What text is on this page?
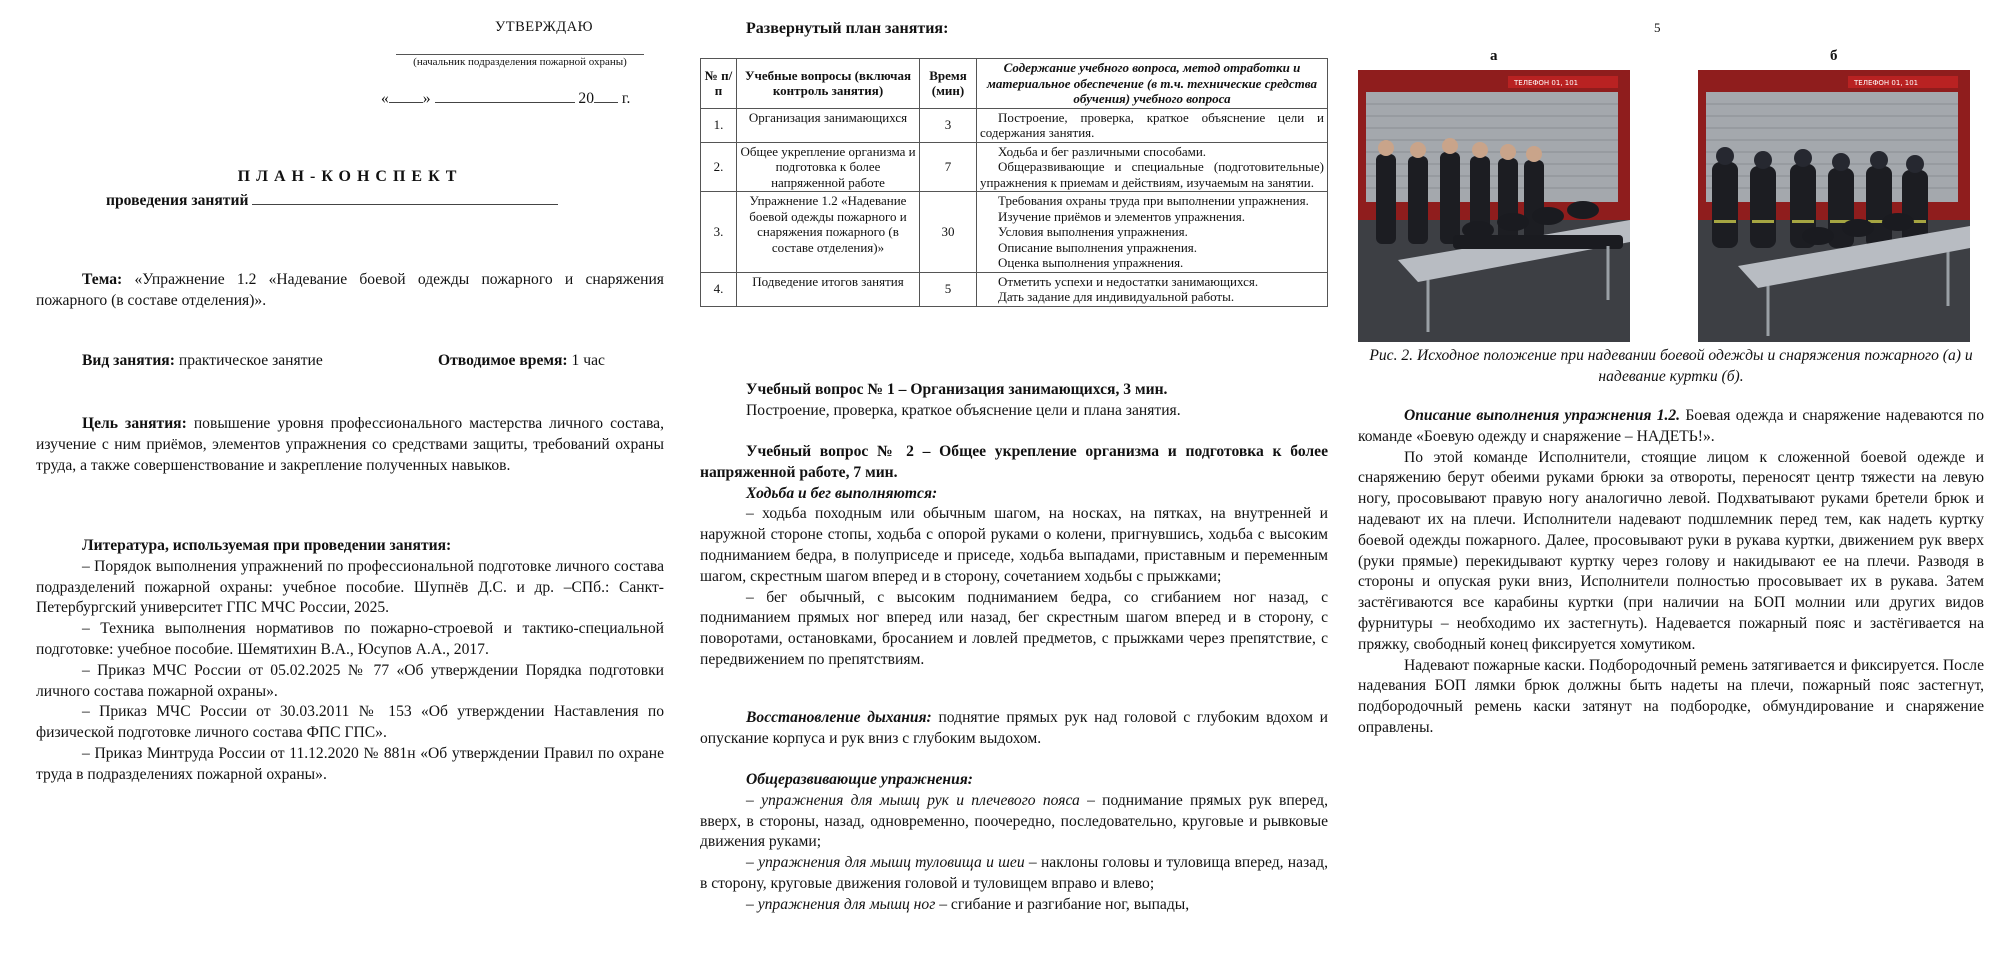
УТВЕРЖДАЮ
(начальник подразделения пожарной охраны)
« »	20 г.
ПЛАН-КОНСПЕКТ
проведения занятий

Тема: «Упражнение 1.2 «Надевание боевой одежды пожарного и снаряжения пожарного (в составе отделения)».

Вид занятия: практическое занятие	Отводимое время: 1 час

Цель занятия: повышение уровня профессионального мастерства личного состава, изучение с ним приёмов, элементов упражнения со средствами защиты, требований охраны труда, а также совершенствование и закрепление полученных навыков.

Литература, используемая при проведении занятия:

– Порядок выполнения упражнений по профессиональной подготовке личного состава подразделений пожарной охраны: учебное пособие. Шупнёв Д.С. и др. –СПб.: Санкт-Петербургский университет ГПС МЧС России, 2025.

– Техника выполнения нормативов по пожарно-строевой и тактико-специальной подготовке: учебное пособие. Шемятихин В.А., Юсупов А.А., 2017.

– Приказ МЧС России от 05.02.2025 № 77 «Об утверждении Порядка подготовки личного состава пожарной охраны».

– Приказ МЧС России от 30.03.2011 № 153 «Об утверждении Наставления по физической подготовке личного состава ФПС ГПС».

– Приказ Минтруда России от 11.12.2020 № 881н «Об утверждении Правил по охране труда в подразделениях пожарной охраны».

Развернутый план занятия:
№ п/п	Учебные вопросы (включая контроль занятия)	Время (мин)	Содержание учебного вопроса, метод отработки и материальное обеспечение (в т.ч. технические средства обучения) учебного вопроса
1.	Организация занимающихся	3	Построение, проверка, краткое объяснение цели и содержания занятия.

2.	Общее укрепление организма и подготовка к более напряженной работе	7	Ходьба и бег различными способами.
Общеразвивающие и специальные (подготовительные) упражнения к приемам и действиям, изучаемым на занятии.

3.	Упражнение 1.2 «Надевание боевой одежды пожарного и снаряжения пожарного (в составе отделения)»	30	Требования охраны труда при выполнении упражнения.
Изучение приёмов и элементов упражнения.
Условия выполнения упражнения.
Описание выполнения упражнения.
Оценка выполнения упражнения.

4.	Подведение итогов занятия	5	Отметить успехи и недостатки занимающихся.
Дать задание для индивидуальной работы.

Учебный вопрос № 1 – Организация занимающихся, 3 мин.

Построение, проверка, краткое объяснение цели и плана занятия.

Учебный вопрос № 2 – Общее укрепление организма и подготовка к более напряженной работе, 7 мин.

Ходьба и бег выполняются:

– ходьба походным или обычным шагом, на носках, на пятках, на внутренней и наружной стороне стопы, ходьба с опорой руками о колени, пригнувшись, ходьба с высоким подниманием бедра, в полуприседе и приседе, ходьба выпадами, приставным и переменным шагом, скрестным шагом вперед и в сторону, сочетанием ходьбы с прыжками;

– бег обычный, с высоким подниманием бедра, со сгибанием ног назад, с подниманием прямых ног вперед или назад, бег скрестным шагом вперед и в сторону, с поворотами, остановками, бросанием и ловлей предметов, с прыжками через препятствие, с передвижением по препятствиям.

Восстановление дыхания: поднятие прямых рук над головой с глубоким вдохом и опускание корпуса и рук вниз с глубоким выдохом.

Общеразвивающие упражнения:

– упражнения для мышц рук и плечевого пояса – поднимание прямых рук вперед, вверх, в стороны, назад, одновременно, поочередно, последовательно, круговые и рывковые движения руками;

– упражнения для мышц туловища и шеи – наклоны головы и туловища вперед, назад, в сторону, круговые движения головой и туловищем вправо и влево;

– упражнения для мышц ног – сгибание и разгибание ног, выпады,

5
а	б
ТЕЛЕФОН 01, 101	ТЕЛЕФОН 01, 101
Рис. 2. Исходное положение при надевании боевой одежды и снаряжения пожарного (а) и надевание куртки (б).

Описание выполнения упражнения 1.2. Боевая одежда и снаряжение надеваются по команде «Боевую одежду и снаряжение – НАДЕТЬ!».

По этой команде Исполнители, стоящие лицом к сложенной боевой одежде и снаряжению берут обеими руками брюки за отвороты, переносят центр тяжести на левую ногу, просовывают правую ногу аналогично левой. Подхватывают руками бретели брюк и надевают их на плечи. Исполнители надевают подшлемник перед тем, как надеть куртку боевой одежды пожарного. Далее, просовывают руки в рукава куртки, движением рук вверх (руки прямые) перекидывают куртку через голову и накидывают ее на плечи. Разводя в стороны и опуская руки вниз, Исполнители полностью просовывает их в рукава. Затем застёгиваются все карабины куртки (при наличии на БОП молнии или других видов фурнитуры – необходимо их застегнуть). Надевается пожарный пояс и застёгивается на пряжку, свободный конец фиксируется хомутиком.

Надевают пожарные каски. Подбородочный ремень затягивается и фиксируется. После надевания БОП лямки брюк должны быть надеты на плечи, пожарный пояс застегнут, подбородочный ремень каски затянут на подбородке, обмундирование и снаряжение оправлены.
